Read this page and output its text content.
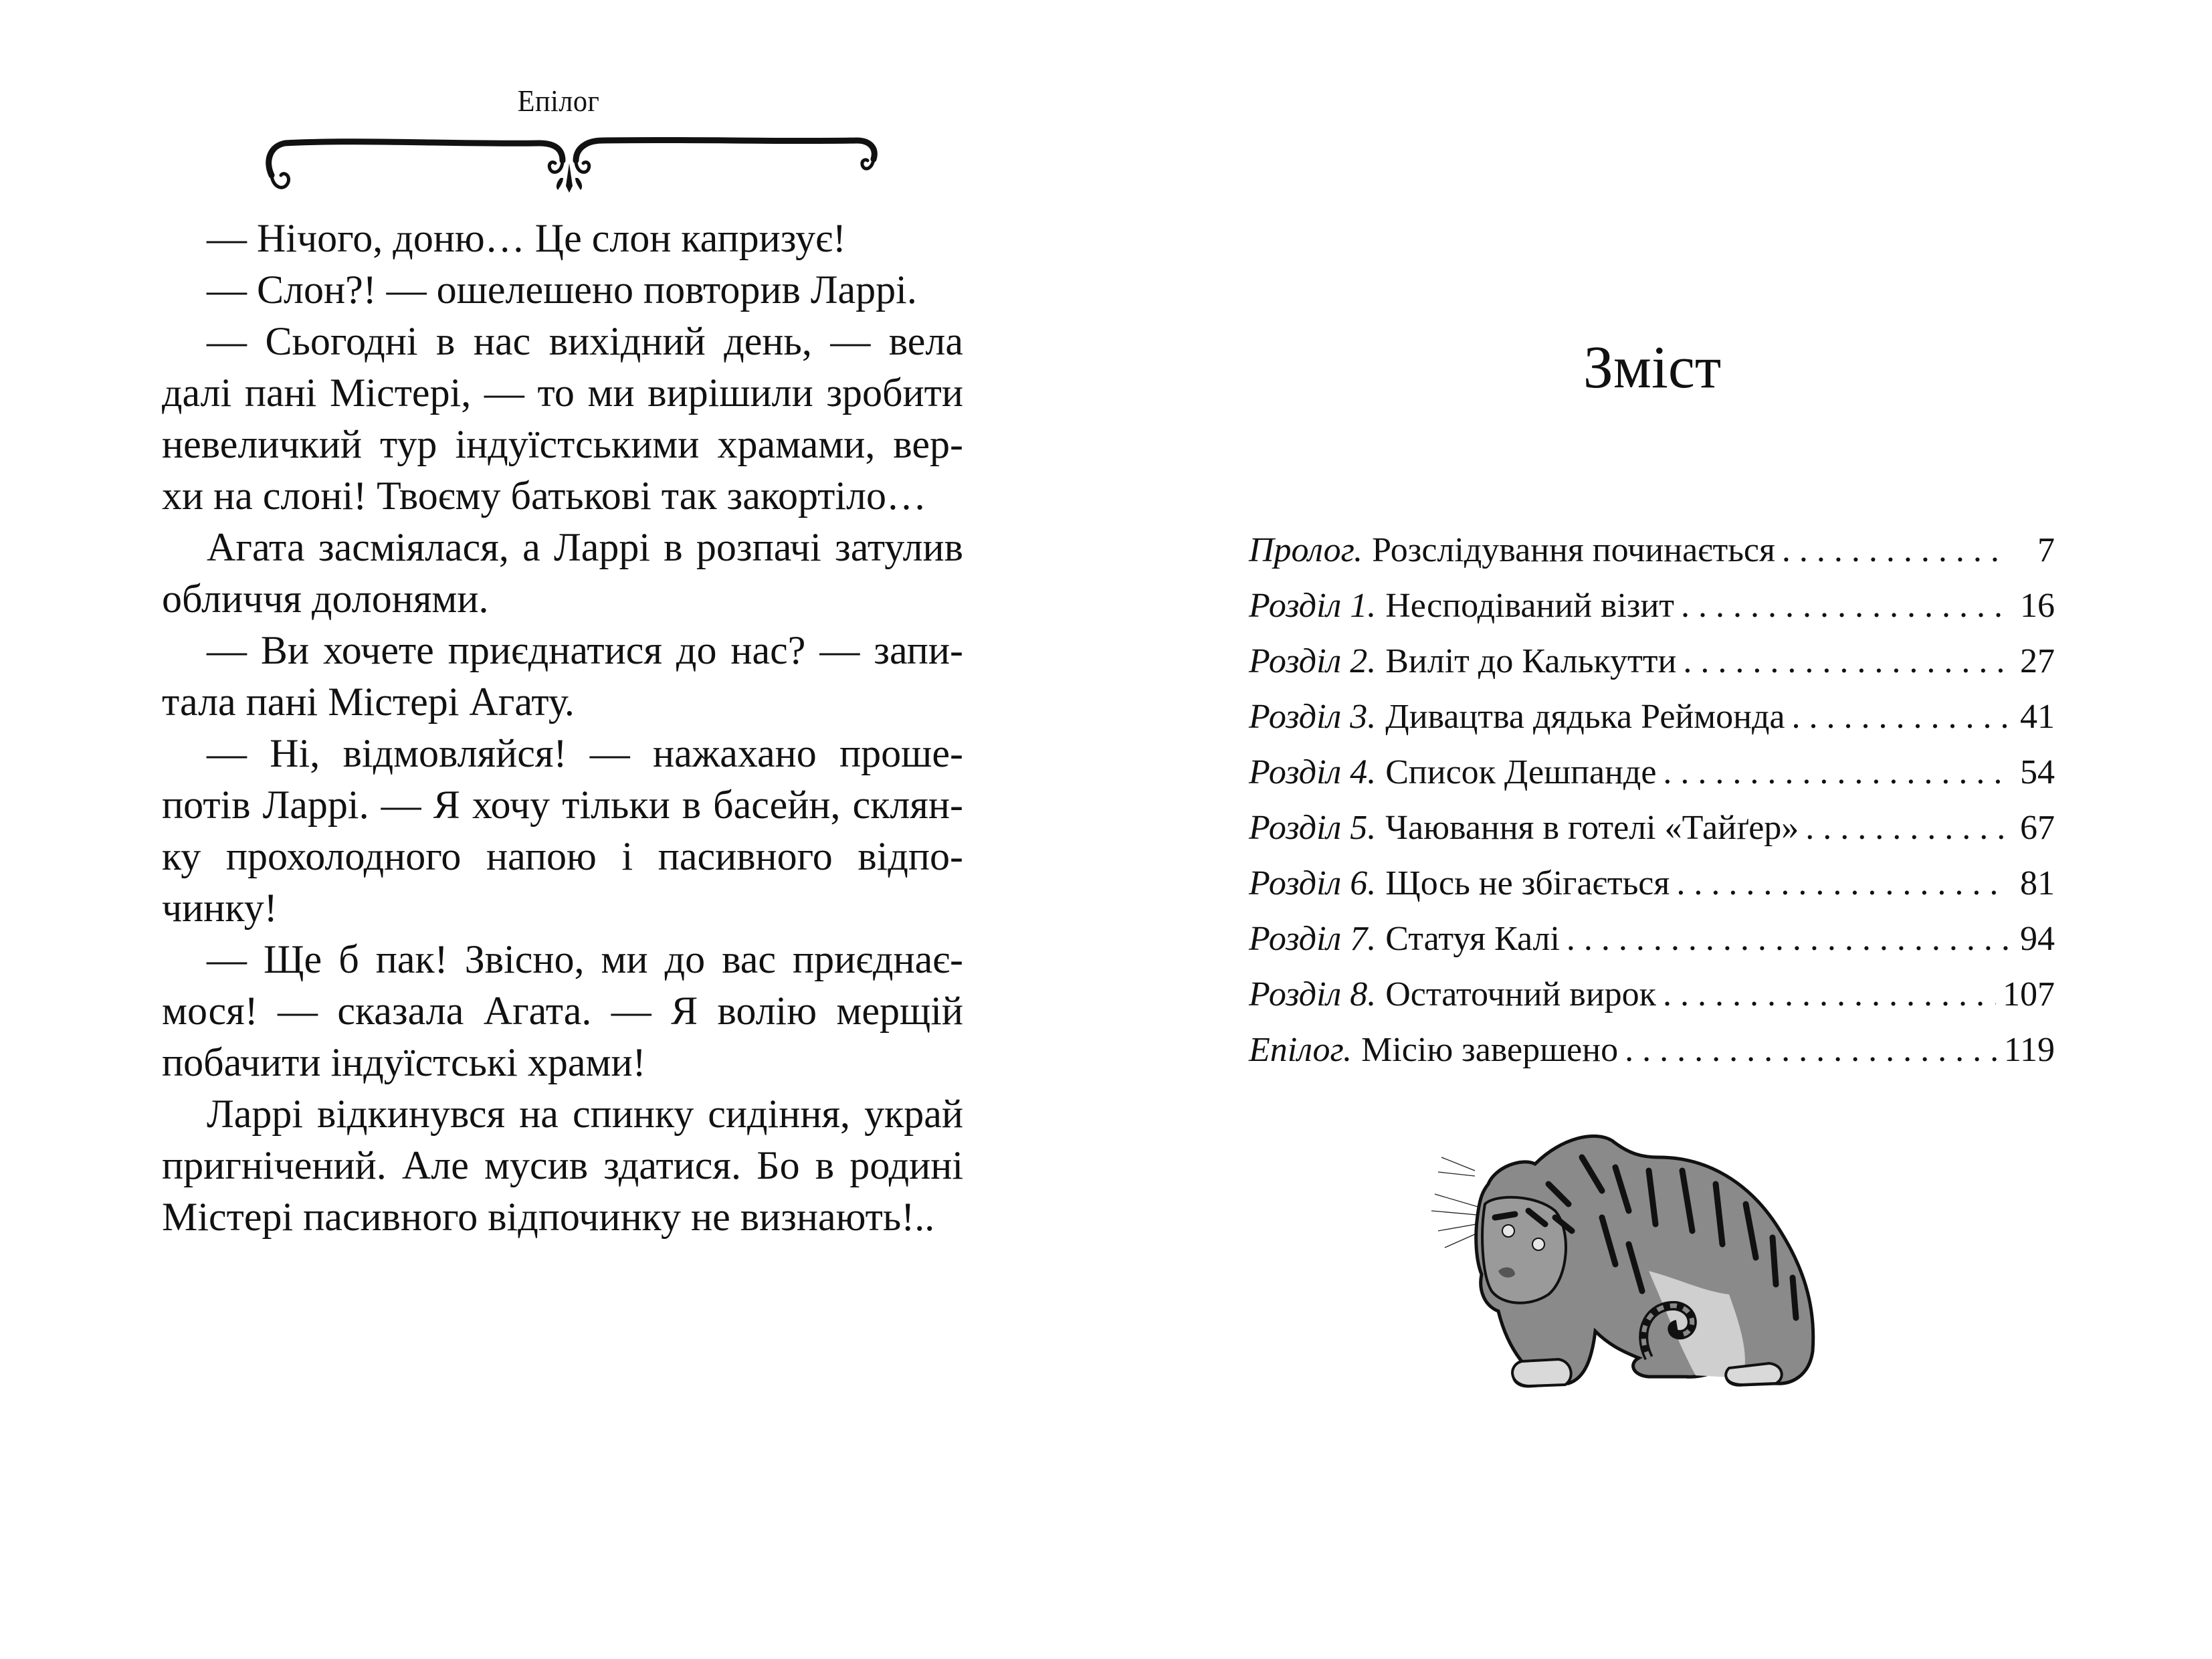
Епілог
— Нічого, доню… Це слон капризує!
— Слон?! — ошелешено повторив Ларрі.
— Сьогодні в нас вихідний день, — вела
далі пані Містері, — то ми вирішили зробити
невеличкий тур індуїстськими храмами, вер-
хи на слоні! Твоєму батькові так закортіло…
Агата засміялася, а Ларрі в розпачі затулив
обличчя долонями.
— Ви хочете приєднатися до нас? — запи-
тала пані Містері Агату.
— Ні, відмовляйся! — нажахано проше-
потів Ларрі. — Я хочу тільки в басейн, склян-
ку прохолодного напою і пасивного відпо-
чинку!
— Ще б пак! Звісно, ми до вас приєднає-
мося! — сказала Агата. — Я волію мерщій
побачити індуїстські храми!
Ларрі відкинувся на спинку сидіння, украй
пригнічений. Але мусив здатися. Бо в родині
Містері пасивного відпочинку не визнають!..
Зміст
Пролог. Розслідування починається . . .	7
Розділ 1. Несподіваний візит . . .	16
Розділ 2. Виліт до Калькутти . . .	27
Розділ 3. Дивацтва дядька Реймонда . . .	41
Розділ 4. Список Дешпанде . . .	54
Розділ 5. Чаювання в готелі «Тайґер» . . .	67
Розділ 6. Щось не збігається . . .	81
Розділ 7. Статуя Калі . . .	94
Розділ 8. Остаточний вирок . . .	107
Епілог. Місію завершено . . .	119
